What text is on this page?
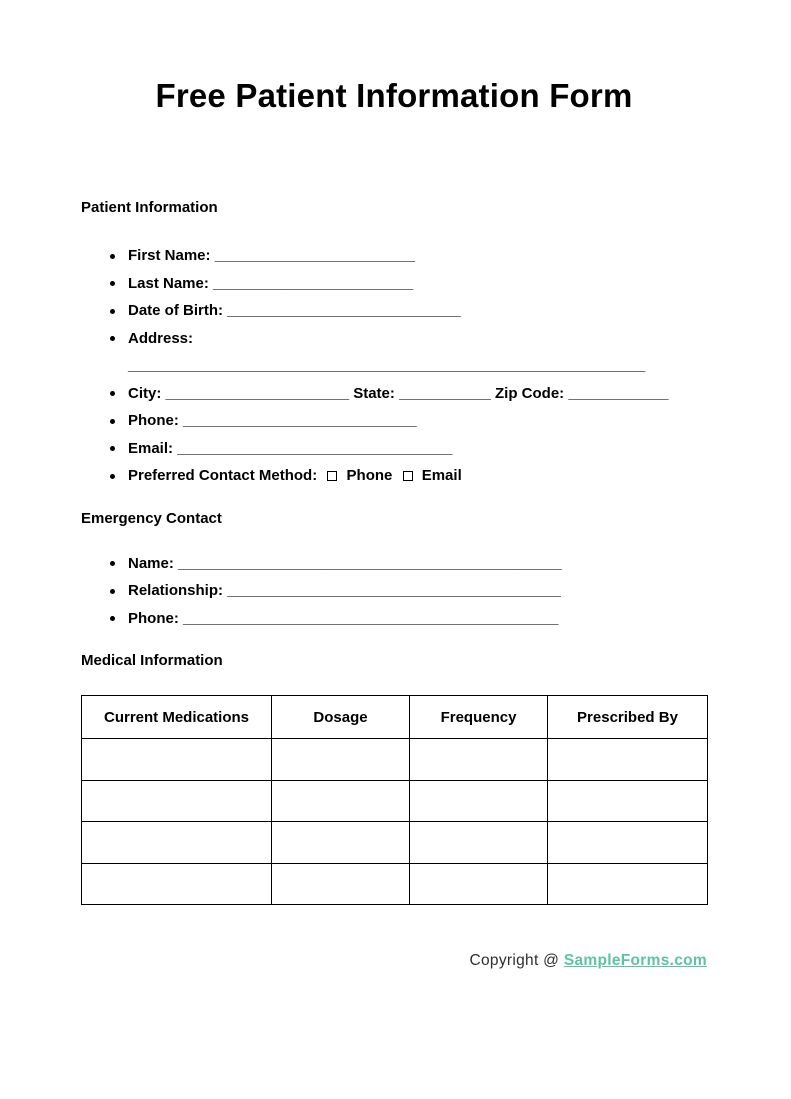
Free Patient Information Form
Patient Information
First Name: ________________________
Last Name: ________________________
Date of Birth: ____________________________
Address:
______________________________________________________________
City: ______________________ State: ___________ Zip Code: ____________
Phone: ____________________________
Email: _________________________________
Preferred Contact Method: Phone Email
Emergency Contact
Name: ______________________________________________
Relationship: ________________________________________
Phone: _____________________________________________
Medical Information
Current Medications	Dosage	Frequency	Prescribed By

Copyright @ SampleForms.com
